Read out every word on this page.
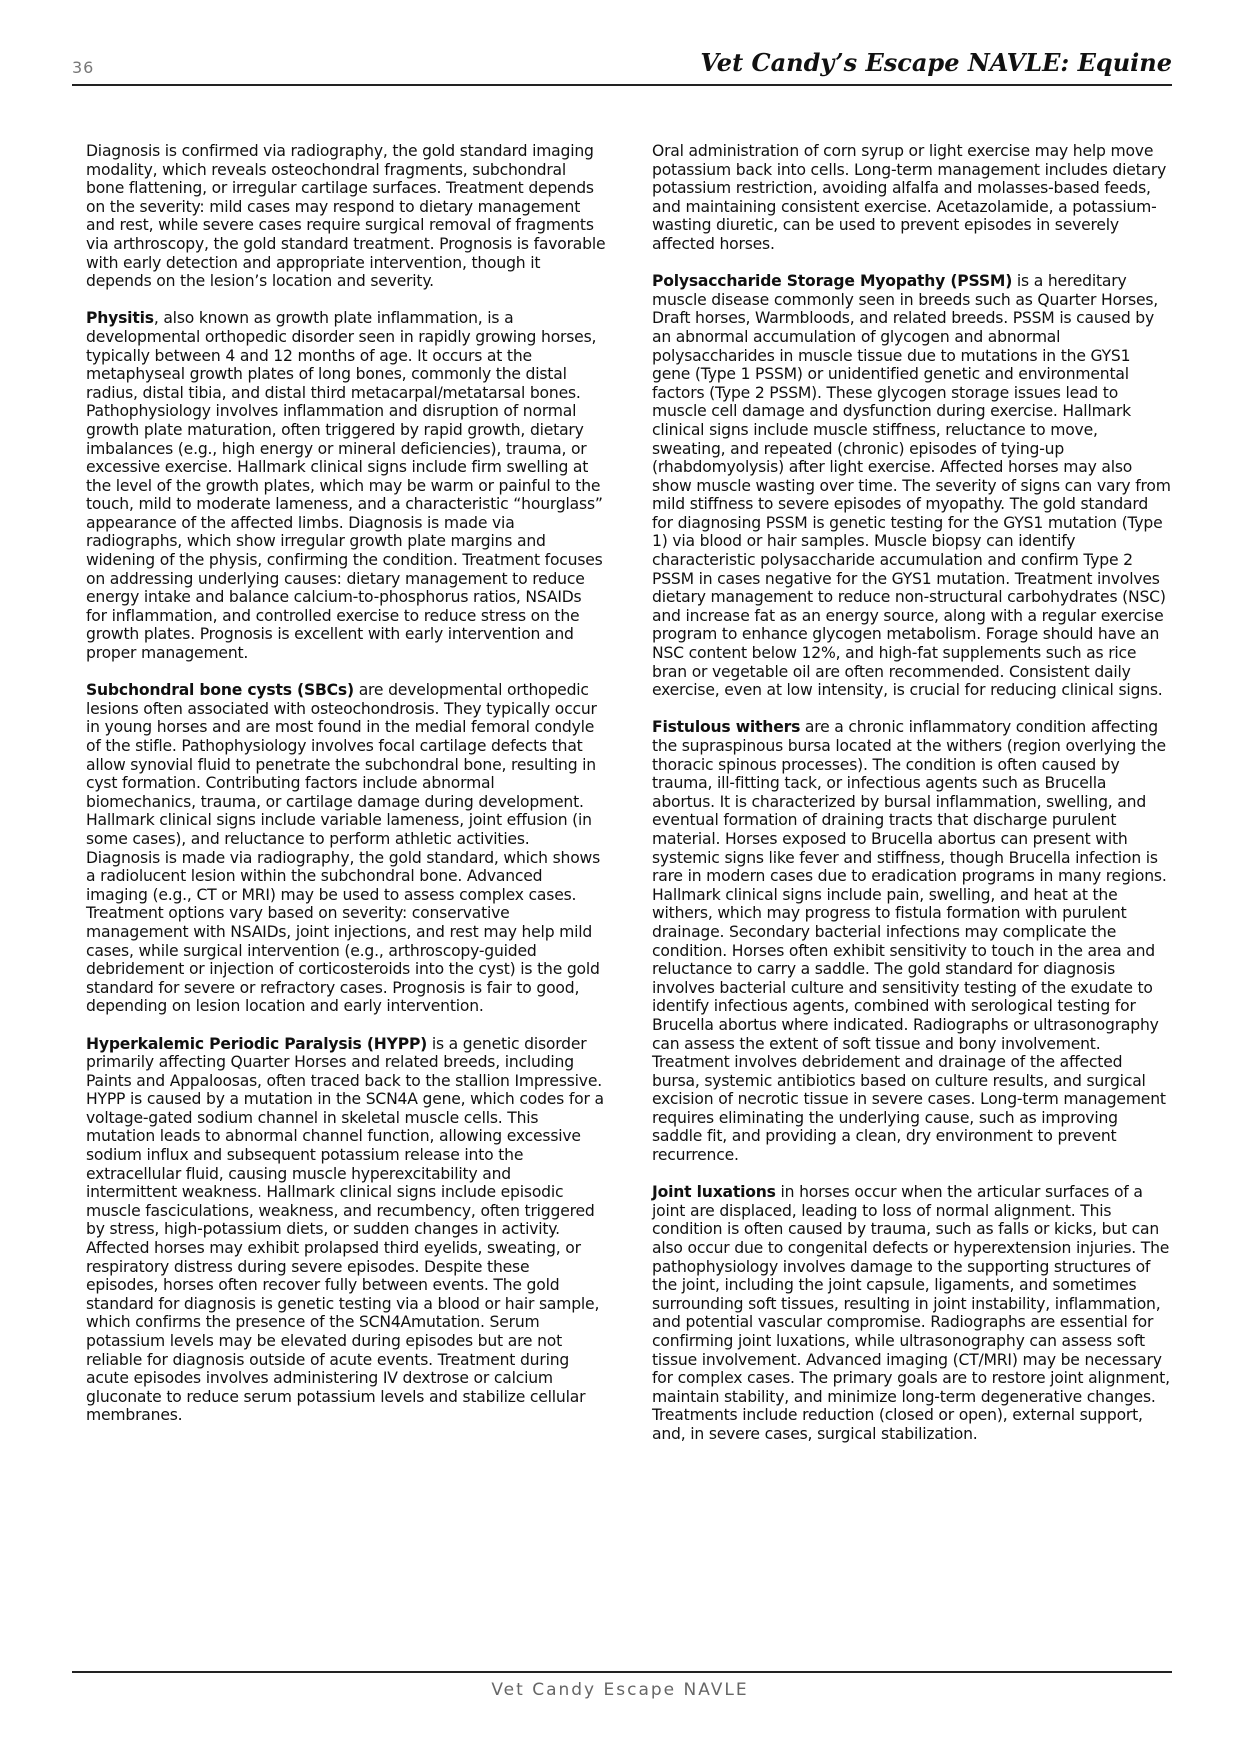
36	Vet Candy’s Escape NAVLE: Equine

Diagnosis is confirmed via radiography, the gold standard imaging modality, which reveals osteochondral fragments, subchondral bone flattening, or irregular cartilage surfaces. Treatment depends on the severity: mild cases may respond to dietary management and rest, while severe cases require surgical removal of fragments via arthroscopy, the gold standard treatment. Prognosis is favorable with early detection and appropriate intervention, though it depends on the lesion’s location and severity.

Physitis, also known as growth plate inflammation, is a developmental orthopedic disorder seen in rapidly growing horses, typically between 4 and 12 months of age. It occurs at the metaphyseal growth plates of long bones, commonly the distal radius, distal tibia, and distal third metacarpal/metatarsal bones. Pathophysiology involves inflammation and disruption of normal growth plate maturation, often triggered by rapid growth, dietary imbalances (e.g., high energy or mineral deficiencies), trauma, or excessive exercise. Hallmark clinical signs include firm swelling at the level of the growth plates, which may be warm or painful to the touch, mild to moderate lameness, and a characteristic “hourglass” appearance of the affected limbs. Diagnosis is made via radiographs, which show irregular growth plate margins and widening of the physis, confirming the condition. Treatment focuses on addressing underlying causes: dietary management to reduce energy intake and balance calcium-to-phosphorus ratios, NSAIDs for inflammation, and controlled exercise to reduce stress on the growth plates. Prognosis is excellent with early intervention and proper management.

Subchondral bone cysts (SBCs) are developmental orthopedic lesions often associated with osteochondrosis. They typically occur in young horses and are most found in the medial femoral condyle of the stifle. Pathophysiology involves focal cartilage defects that allow synovial fluid to penetrate the subchondral bone, resulting in cyst formation. Contributing factors include abnormal biomechanics, trauma, or cartilage damage during development. Hallmark clinical signs include variable lameness, joint effusion (in some cases), and reluctance to perform athletic activities. Diagnosis is made via radiography, the gold standard, which shows a radiolucent lesion within the subchondral bone. Advanced imaging (e.g., CT or MRI) may be used to assess complex cases. Treatment options vary based on severity: conservative management with NSAIDs, joint injections, and rest may help mild cases, while surgical intervention (e.g., arthroscopy-guided debridement or injection of corticosteroids into the cyst) is the gold standard for severe or refractory cases. Prognosis is fair to good, depending on lesion location and early intervention.

Hyperkalemic Periodic Paralysis (HYPP) is a genetic disorder primarily affecting Quarter Horses and related breeds, including Paints and Appaloosas, often traced back to the stallion Impressive. HYPP is caused by a mutation in the SCN4A gene, which codes for a voltage-gated sodium channel in skeletal muscle cells. This mutation leads to abnormal channel function, allowing excessive sodium influx and subsequent potassium release into the extracellular fluid, causing muscle hyperexcitability and intermittent weakness. Hallmark clinical signs include episodic muscle fasciculations, weakness, and recumbency, often triggered by stress, high-potassium diets, or sudden changes in activity. Affected horses may exhibit prolapsed third eyelids, sweating, or respiratory distress during severe episodes. Despite these episodes, horses often recover fully between events. The gold standard for diagnosis is genetic testing via a blood or hair sample, which confirms the presence of the SCN4Amutation. Serum potassium levels may be elevated during episodes but are not reliable for diagnosis outside of acute events. Treatment during acute episodes involves administering IV dextrose or calcium gluconate to reduce serum potassium levels and stabilize cellular membranes.

Oral administration of corn syrup or light exercise may help move potassium back into cells. Long-term management includes dietary potassium restriction, avoiding alfalfa and molasses-based feeds, and maintaining consistent exercise. Acetazolamide, a potassium-wasting diuretic, can be used to prevent episodes in severely affected horses.

Polysaccharide Storage Myopathy (PSSM) is a hereditary muscle disease commonly seen in breeds such as Quarter Horses, Draft horses, Warmbloods, and related breeds. PSSM is caused by an abnormal accumulation of glycogen and abnormal polysaccharides in muscle tissue due to mutations in the GYS1 gene (Type 1 PSSM) or unidentified genetic and environmental factors (Type 2 PSSM). These glycogen storage issues lead to muscle cell damage and dysfunction during exercise. Hallmark clinical signs include muscle stiffness, reluctance to move, sweating, and repeated (chronic) episodes of tying-up (rhabdomyolysis) after light exercise. Affected horses may also show muscle wasting over time. The severity of signs can vary from mild stiffness to severe episodes of myopathy. The gold standard for diagnosing PSSM is genetic testing for the GYS1 mutation (Type 1) via blood or hair samples. Muscle biopsy can identify characteristic polysaccharide accumulation and confirm Type 2 PSSM in cases negative for the GYS1 mutation. Treatment involves dietary management to reduce non-structural carbohydrates (NSC) and increase fat as an energy source, along with a regular exercise program to enhance glycogen metabolism. Forage should have an NSC content below 12%, and high-fat supplements such as rice bran or vegetable oil are often recommended. Consistent daily exercise, even at low intensity, is crucial for reducing clinical signs.

Fistulous withers are a chronic inflammatory condition affecting the supraspinous bursa located at the withers (region overlying the thoracic spinous processes). The condition is often caused by trauma, ill-fitting tack, or infectious agents such as Brucella abortus. It is characterized by bursal inflammation, swelling, and eventual formation of draining tracts that discharge purulent material. Horses exposed to Brucella abortus can present with systemic signs like fever and stiffness, though Brucella infection is rare in modern cases due to eradication programs in many regions. Hallmark clinical signs include pain, swelling, and heat at the withers, which may progress to fistula formation with purulent drainage. Secondary bacterial infections may complicate the condition. Horses often exhibit sensitivity to touch in the area and reluctance to carry a saddle. The gold standard for diagnosis involves bacterial culture and sensitivity testing of the exudate to identify infectious agents, combined with serological testing for Brucella abortus where indicated. Radiographs or ultrasonography can assess the extent of soft tissue and bony involvement. Treatment involves debridement and drainage of the affected bursa, systemic antibiotics based on culture results, and surgical excision of necrotic tissue in severe cases. Long-term management requires eliminating the underlying cause, such as improving saddle fit, and providing a clean, dry environment to prevent recurrence.

Joint luxations in horses occur when the articular surfaces of a joint are displaced, leading to loss of normal alignment. This condition is often caused by trauma, such as falls or kicks, but can also occur due to congenital defects or hyperextension injuries. The pathophysiology involves damage to the supporting structures of the joint, including the joint capsule, ligaments, and sometimes surrounding soft tissues, resulting in joint instability, inflammation, and potential vascular compromise. Radiographs are essential for confirming joint luxations, while ultrasonography can assess soft tissue involvement. Advanced imaging (CT/MRI) may be necessary for complex cases. The primary goals are to restore joint alignment, maintain stability, and minimize long-term degenerative changes. Treatments include reduction (closed or open), external support, and, in severe cases, surgical stabilization.

Vet Candy Escape NAVLE
